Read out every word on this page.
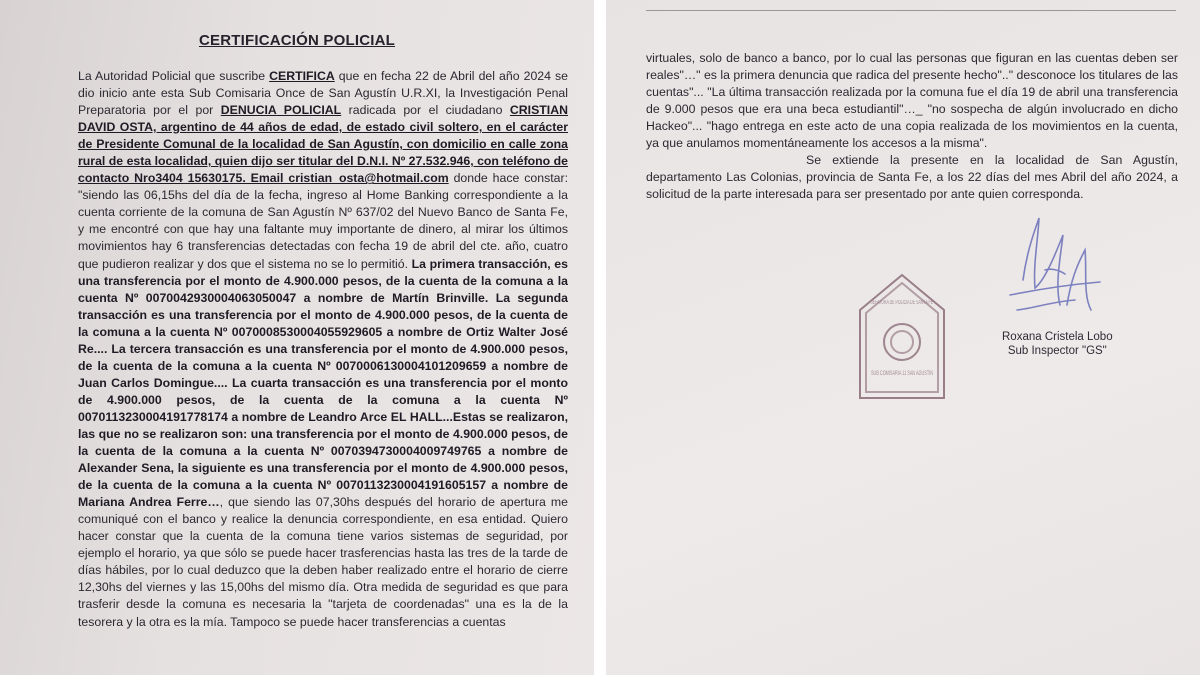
CERTIFICACIÓN POLICIAL
La Autoridad Policial que suscribe CERTIFICA que en fecha 22 de Abril del año 2024 se dio inicio ante esta Sub Comisaria Once de San Agustín U.R.XI, la Investigación Penal Preparatoria por el por DENUCIA POLICIAL radicada por el ciudadano CRISTIAN DAVID OSTA, argentino de 44 años de edad, de estado civil soltero, en el carácter de Presidente Comunal de la localidad de San Agustín, con domicilio en calle zona rural de esta localidad, quien dijo ser titular del D.N.I. Nº 27.532.946, con teléfono de contacto Nro3404 15630175. Email cristian_osta@hotmail.com donde hace constar: "siendo las 06,15hs del día de la fecha, ingreso al Home Banking correspondiente a la cuenta corriente de la comuna de San Agustín Nº 637/02 del Nuevo Banco de Santa Fe, y me encontré con que hay una faltante muy importante de dinero, al mirar los últimos movimientos hay 6 transferencias detectadas con fecha 19 de abril del cte. año, cuatro que pudieron realizar y dos que el sistema no se lo permitió. La primera transacción, es una transferencia por el monto de 4.900.000 pesos, de la cuenta de la comuna a la cuenta Nº 0070042930004063050047 a nombre de Martín Brinville. La segunda transacción es una transferencia por el monto de 4.900.000 pesos, de la cuenta de la comuna a la cuenta Nº 0070008530004055929605 a nombre de Ortiz Walter José Re.... La tercera transacción es una transferencia por el monto de 4.900.000 pesos, de la cuenta de la comuna a la cuenta Nº 0070006130004101209659 a nombre de Juan Carlos Domingue.... La cuarta transacción es una transferencia por el monto de 4.900.000 pesos, de la cuenta de la comuna a la cuenta Nº 0070113230004191778174 a nombre de Leandro Arce EL HALL...Estas se realizaron, las que no se realizaron son: una transferencia por el monto de 4.900.000 pesos, de la cuenta de la comuna a la cuenta Nº 0070394730004009749765 a nombre de Alexander Sena, la siguiente es una transferencia por el monto de 4.900.000 pesos, de la cuenta de la comuna a la cuenta Nº 0070113230004191605157 a nombre de Mariana Andrea Ferre…, que siendo las 07,30hs después del horario de apertura me comuniqué con el banco y realice la denuncia correspondiente, en esa entidad. Quiero hacer constar que la cuenta de la comuna tiene varios sistemas de seguridad, por ejemplo el horario, ya que sólo se puede hacer trasferencias hasta las tres de la tarde de días hábiles, por lo cual deduzco que la deben haber realizado entre el horario de cierre 12,30hs del viernes y las 15,00hs del mismo día. Otra medida de seguridad es que para trasferir desde la comuna es necesaria la "tarjeta de coordenadas" una es la de la tesorera y la otra es la mía. Tampoco se puede hacer transferencias a cuentas

virtuales, solo de banco a banco, por lo cual las personas que figuran en las cuentas deben ser reales"…" es la primera denuncia que radica del presente hecho".." desconoce los titulares de las cuentas"... "La última transacción realizada por la comuna fue el día 19 de abril una transferencia de 9.000 pesos que era una beca estudiantil"…_ "no sospecha de algún involucrado en dicho Hackeo"... "hago entrega en este acto de una copia realizada de los movimientos en la cuenta, ya que anulamos momentáneamente los accesos a la misma".

Se extiende la presente en la localidad de San Agustín, departamento Las Colonias, provincia de Santa Fe, a los 22 días del mes Abril del año 2024, a solicitud de la parte interesada para ser presentado por ante quien corresponda.

JEFATURA DE POLICIA DE SANTA FE
SUB COMISARIA 11 SAN AGUSTIN
Roxana Cristela Lobo
Sub Inspector "GS"
